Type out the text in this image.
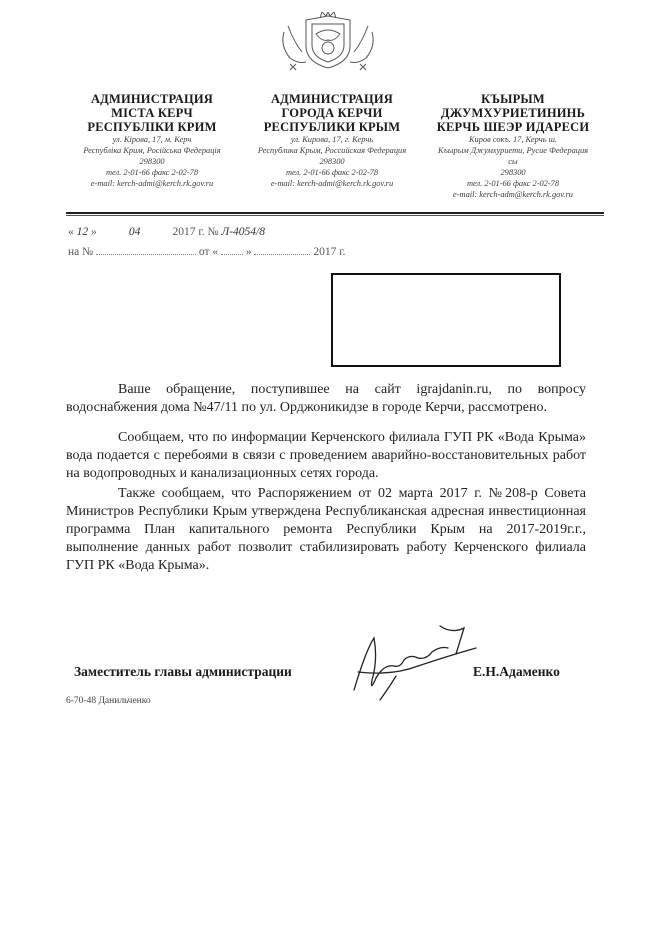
АДМИНИСТРАЦИЯ
МІСТА КЕРЧ
РЕСПУБЛІКИ КРИМ
ул. Кірова, 17, м. Керч
Республіка Крим, Російська Федерація
298300
тел. 2-01-66 факс 2-02-78
e-mail: kerch-admi@kerch.rk.gov.ru
АДМИНИСТРАЦИЯ
ГОРОДА КЕРЧИ
РЕСПУБЛИКИ КРЫМ
ул. Кирова, 17, г. Керчь
Республика Крым, Российская Федерация
298300
тел. 2-01-66 факс 2-02-78
e-mail: kerch-admi@kerch.rk.gov.ru
КЪЫРЫМ
ДЖУМХУРИЕТИНИНЬ
КЕРЧЬ ШЕЭР ИДАРЕСИ
Киров сокъ. 17, Керчь ш.
Къырым Джумхуриети, Русие Федерация
сы
298300
тел. 2-01-66 факс 2-02-78
e-mail: kerch-adm@kerch.rk.gov.ru
« 12 »	04	2017 г. № Л-4054/8
на №	от « »	2017 г.

Ваше обращение, поступившее на сайт igrajdanin.ru, по вопросу водоснабжения дома №47/11 по ул. Орджоникидзе в городе Керчи, рассмотрено.

Сообщаем, что по информации Керченского филиала ГУП РК «Вода Крыма» вода подается с перебоями в связи с проведением аварийно-восстановительных работ на водопроводных и канализационных сетях города.

Также сообщаем, что Распоряжением от 02 марта 2017 г. №208-р Совета Министров Республики Крым утверждена Республиканская адресная инвестиционная программа План капитального ремонта Республики Крым на 2017-2019г.г., выполнение данных работ позволит стабилизировать работу Керченского филиала ГУП РК «Вода Крыма».

Заместитель главы администрации	Е.Н.Адаменко
6-70-48 Данильченко
